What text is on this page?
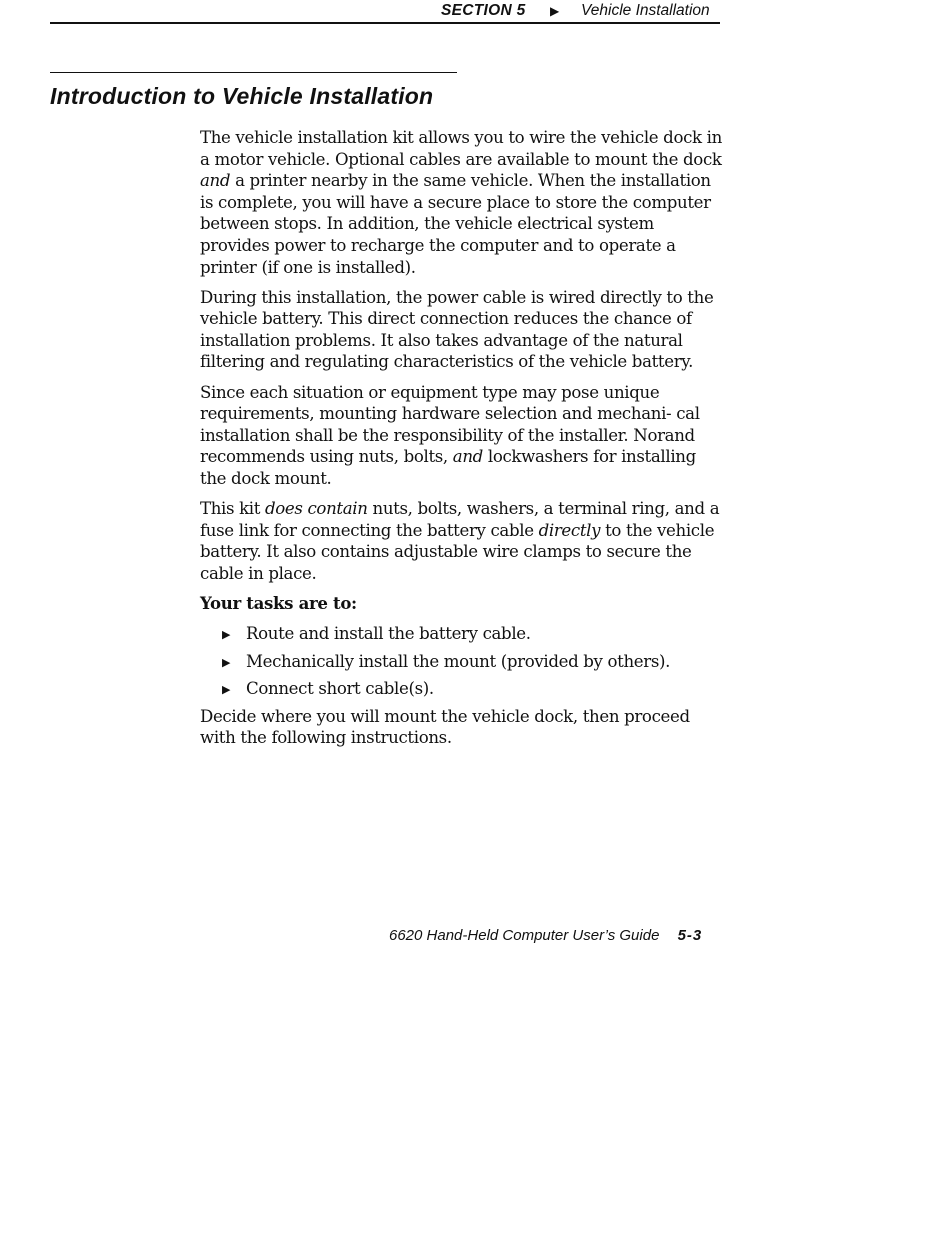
SECTION 5 ▶ Vehicle Installation
Introduction to Vehicle Installation

The vehicle installation kit allows you to wire the vehicle dock in a motor vehicle. Optional cables are available to mount the dock and a printer nearby in the same vehicle. When the installation is complete, you will have a secure place to store the computer between stops. In addition, the vehicle electrical system provides power to recharge the computer and to operate a printer (if one is installed).

During this installation, the power cable is wired directly to the vehicle battery. This direct connection reduces the chance of installation problems. It also takes advantage of the natural filtering and regulating characteristics of the vehicle battery.

Since each situation or equipment type may pose unique requirements, mounting hardware selection and mechani- cal installation shall be the responsibility of the installer. Norand recommends using nuts, bolts, and lockwashers for installing the dock mount.

This kit does contain nuts, bolts, washers, a terminal ring, and a fuse link for connecting the battery cable directly to the vehicle battery. It also contains adjustable wire clamps to secure the cable in place.

Your tasks are to:

▶ Route and install the battery cable.
▶ Mechanically install the mount (provided by others).
▶ Connect short cable(s).

Decide where you will mount the vehicle dock, then proceed with the following instructions.

6620 Hand-Held Computer User’s Guide 5-3
